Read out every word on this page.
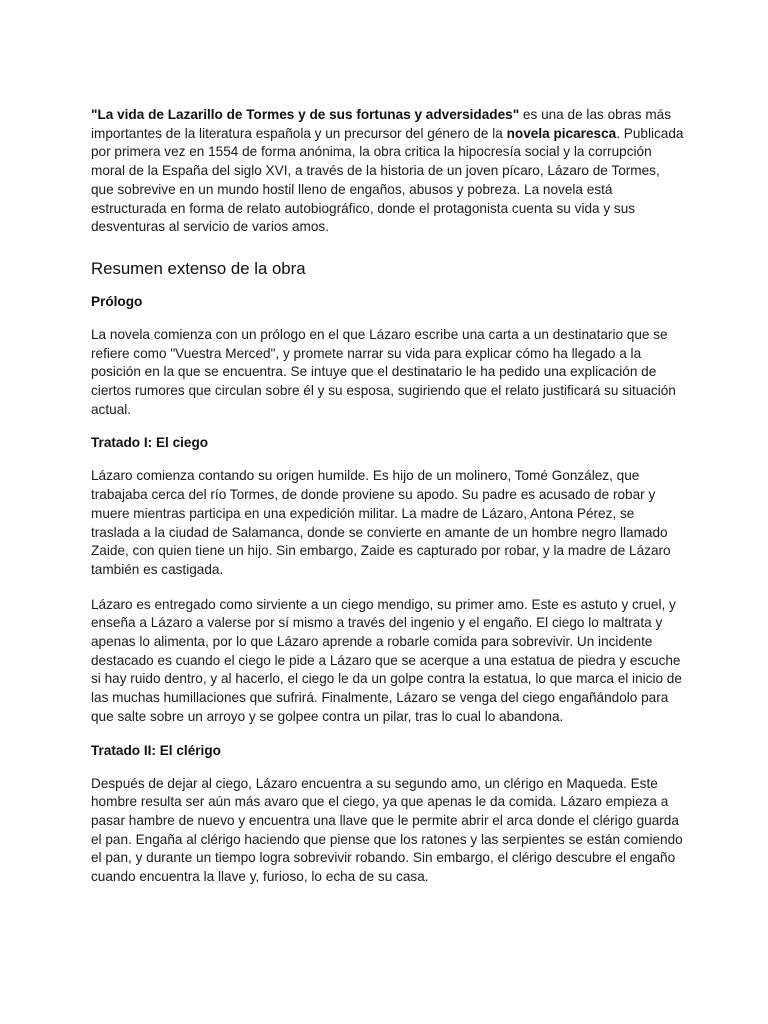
"La vida de Lazarillo de Tormes y de sus fortunas y adversidades" es una de las obras más importantes de la literatura española y un precursor del género de la novela picaresca. Publicada por primera vez en 1554 de forma anónima, la obra critica la hipocresía social y la corrupción moral de la España del siglo XVI, a través de la historia de un joven pícaro, Lázaro de Tormes, que sobrevive en un mundo hostil lleno de engaños, abusos y pobreza. La novela está estructurada en forma de relato autobiográfico, donde el protagonista cuenta su vida y sus desventuras al servicio de varios amos.

Resumen extenso de la obra
Prólogo

La novela comienza con un prólogo en el que Lázaro escribe una carta a un destinatario que se refiere como "Vuestra Merced", y promete narrar su vida para explicar cómo ha llegado a la posición en la que se encuentra. Se intuye que el destinatario le ha pedido una explicación de ciertos rumores que circulan sobre él y su esposa, sugiriendo que el relato justificará su situación actual.

Tratado I: El ciego

Lázaro comienza contando su origen humilde. Es hijo de un molinero, Tomé González, que trabajaba cerca del río Tormes, de donde proviene su apodo. Su padre es acusado de robar y muere mientras participa en una expedición militar. La madre de Lázaro, Antona Pérez, se traslada a la ciudad de Salamanca, donde se convierte en amante de un hombre negro llamado Zaide, con quien tiene un hijo. Sin embargo, Zaide es capturado por robar, y la madre de Lázaro también es castigada.

Lázaro es entregado como sirviente a un ciego mendigo, su primer amo. Este es astuto y cruel, y enseña a Lázaro a valerse por sí mismo a través del ingenio y el engaño. El ciego lo maltrata y apenas lo alimenta, por lo que Lázaro aprende a robarle comida para sobrevivir. Un incidente destacado es cuando el ciego le pide a Lázaro que se acerque a una estatua de piedra y escuche si hay ruido dentro, y al hacerlo, el ciego le da un golpe contra la estatua, lo que marca el inicio de las muchas humillaciones que sufrirá. Finalmente, Lázaro se venga del ciego engañándolo para que salte sobre un arroyo y se golpee contra un pilar, tras lo cual lo abandona.

Tratado II: El clérigo

Después de dejar al ciego, Lázaro encuentra a su segundo amo, un clérigo en Maqueda. Este hombre resulta ser aún más avaro que el ciego, ya que apenas le da comida. Lázaro empieza a pasar hambre de nuevo y encuentra una llave que le permite abrir el arca donde el clérigo guarda el pan. Engaña al clérigo haciendo que piense que los ratones y las serpientes se están comiendo el pan, y durante un tiempo logra sobrevivir robando. Sin embargo, el clérigo descubre el engaño cuando encuentra la llave y, furioso, lo echa de su casa.
